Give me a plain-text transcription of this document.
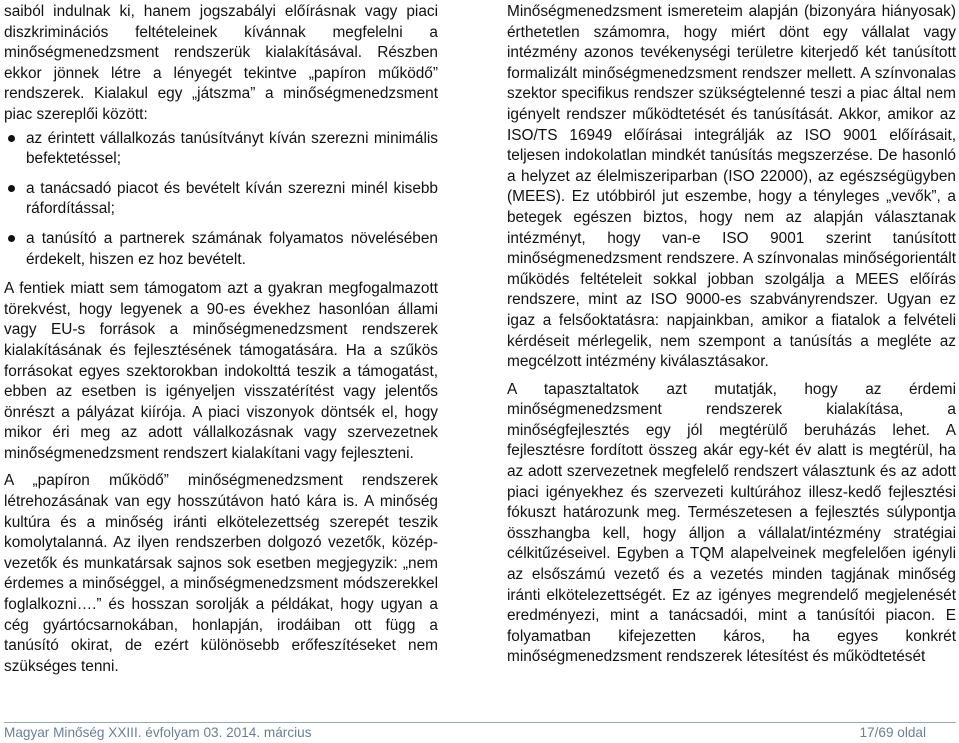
saiból indulnak ki, hanem jogszabályi előírásnak vagy piaci diszkriminációs feltételeinek kívánnak megfelelni a minőségmenedzsment rendszerük kialakításával. Részben ekkor jönnek létre a lényegét tekintve „papíron működő” rendszerek. Kialakul egy „játszma” a minőségmenedzsment piac szereplői között:

az érintett vállalkozás tanúsítványt kíván szerezni minimális befektetéssel;
a tanácsadó piacot és bevételt kíván szerezni minél kisebb ráfordítással;
a tanúsító a partnerek számának folyamatos növelésében érdekelt, hiszen ez hoz bevételt.

A fentiek miatt sem támogatom azt a gyakran megfogalmazott törekvést, hogy legyenek a 90-es évekhez hasonlóan állami vagy EU-s források a minőségmenedzsment rendszerek kialakításának és fejlesztésének támogatására. Ha a szűkös forrásokat egyes szektorokban indokolttá teszik a támogatást, ebben az esetben is igényeljen visszatérítést vagy jelentős önrészt a pályázat kiírója. A piaci viszonyok döntsék el, hogy mikor éri meg az adott vállalkozásnak vagy szervezetnek minőségmenedzsment rendszert kialakítani vagy fejleszteni.

A „papíron működő” minőségmenedzsment rendszerek létrehozásának van egy hosszútávon ható kára is. A minőség kultúra és a minőség iránti elkötelezettség szerepét teszik komolytalanná. Az ilyen rendszerben dolgozó vezetők, közép-vezetők és munkatársak sajnos sok esetben megjegyzik: „nem érdemes a minőséggel, a minőségmenedzsment módszerekkel foglalkozni….” és hosszan sorolják a példákat, hogy ugyan a cég gyártócsarnokában, honlapján, irodáiban ott függ a tanúsító okirat, de ezért különösebb erőfeszítéseket nem szükséges tenni.

Minőségmenedzsment ismereteim alapján (bizonyára hiányosak) érthetetlen számomra, hogy miért dönt egy vállalat vagy intézmény azonos tevékenységi területre kiterjedő két tanúsított formalizált minőségmenedzsment rendszer mellett. A színvonalas szektor specifikus rendszer szükségtelenné teszi a piac által nem igényelt rendszer működtetését és tanúsítását. Akkor, amikor az ISO/TS 16949 előírásai integrálják az ISO 9001 előírásait, teljesen indokolatlan mindkét tanúsítás megszerzése. De hasonló a helyzet az élelmiszeriparban (ISO 22000), az egészségügyben (MEES). Ez utóbbiról jut eszembe, hogy a tényleges „vevők”, a betegek egészen biztos, hogy nem az alapján választanak intézményt, hogy van-e ISO 9001 szerint tanúsított minőségmenedzsment rendszere. A színvonalas minőségorientált működés feltételeit sokkal jobban szolgálja a MEES előírás rendszere, mint az ISO 9000-es szabványrendszer. Ugyan ez igaz a felsőoktatásra: napjainkban, amikor a fiatalok a felvételi kérdéseit mérlegelik, nem szempont a tanúsítás a megléte az megcélzott intézmény kiválasztásakor.

A tapasztaltatok azt mutatják, hogy az érdemi minőségmenedzsment rendszerek kialakítása, a minőségfejlesztés egy jól megtérülő beruházás lehet. A fejlesztésre fordított összeg akár egy-két év alatt is megtérül, ha az adott szervezetnek megfelelő rendszert választunk és az adott piaci igényekhez és szervezeti kultúrához illesz-kedő fejlesztési fókuszt határozunk meg. Természetesen a fejlesztés súlypontja összhangba kell, hogy álljon a vállalat/intézmény stratégiai célkitűzéseivel. Egyben a TQM alapelveinek megfelelően igényli az elsőszámú vezető és a vezetés minden tagjának minőség iránti elkötelezettségét. Ez az igényes megrendelő megjelenését eredményezi, mint a tanácsadói, mint a tanúsítói piacon. E folyamatban kifejezetten káros, ha egyes konkrét minőségmenedzsment rendszerek létesítést és működtetését

Magyar Minőség XXIII. évfolyam 03. 2014. március	17/69 oldal
